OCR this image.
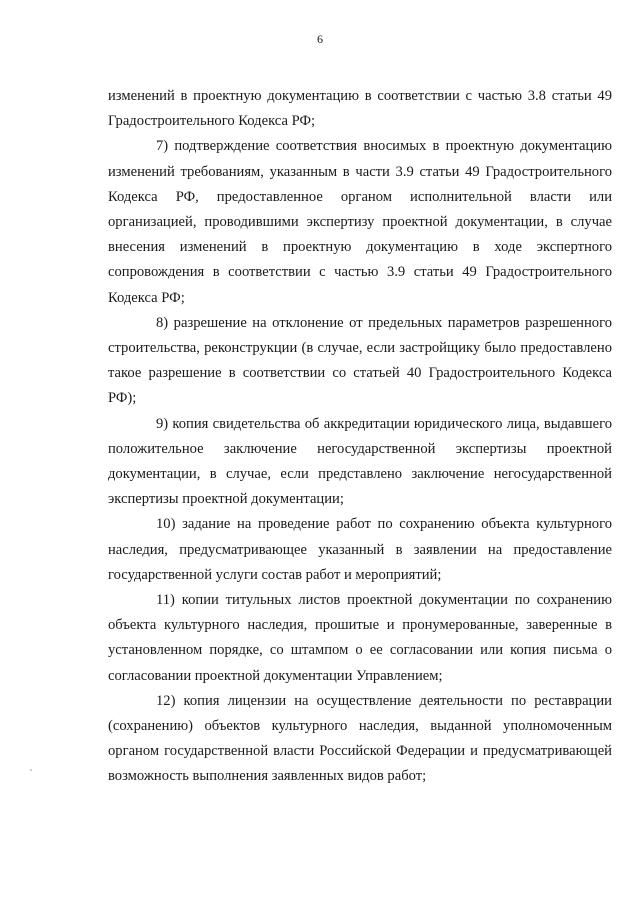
6

изменений в проектную документацию в соответствии с частью 3.8 статьи 49 Градостроительного Кодекса РФ;

7) подтверждение соответствия вносимых в проектную документацию изменений требованиям, указанным в части 3.9 статьи 49 Градостроительного Кодекса РФ, предоставленное органом исполнительной власти или организацией, проводившими экспертизу проектной документации, в случае внесения изменений в проектную документацию в ходе экспертного сопровождения в соответствии с частью 3.9 статьи 49 Градостроительного Кодекса РФ;

8) разрешение на отклонение от предельных параметров разрешенного строительства, реконструкции (в случае, если застройщику было предоставлено такое разрешение в соответствии со статьей 40 Градостроительного Кодекса РФ);

9) копия свидетельства об аккредитации юридического лица, выдавшего положительное заключение негосударственной экспертизы проектной документации, в случае, если представлено заключение негосударственной экспертизы проектной документации;

10) задание на проведение работ по сохранению объекта культурного наследия, предусматривающее указанный в заявлении на предоставление государственной услуги состав работ и мероприятий;

11) копии титульных листов проектной документации по сохранению объекта культурного наследия, прошитые и пронумерованные, заверенные в установленном порядке, со штампом о ее согласовании или копия письма о согласовании проектной документации Управлением;

12) копия лицензии на осуществление деятельности по реставрации (сохранению) объектов культурного наследия, выданной уполномоченным органом государственной власти Российской Федерации и предусматривающей возможность выполнения заявленных видов работ;
